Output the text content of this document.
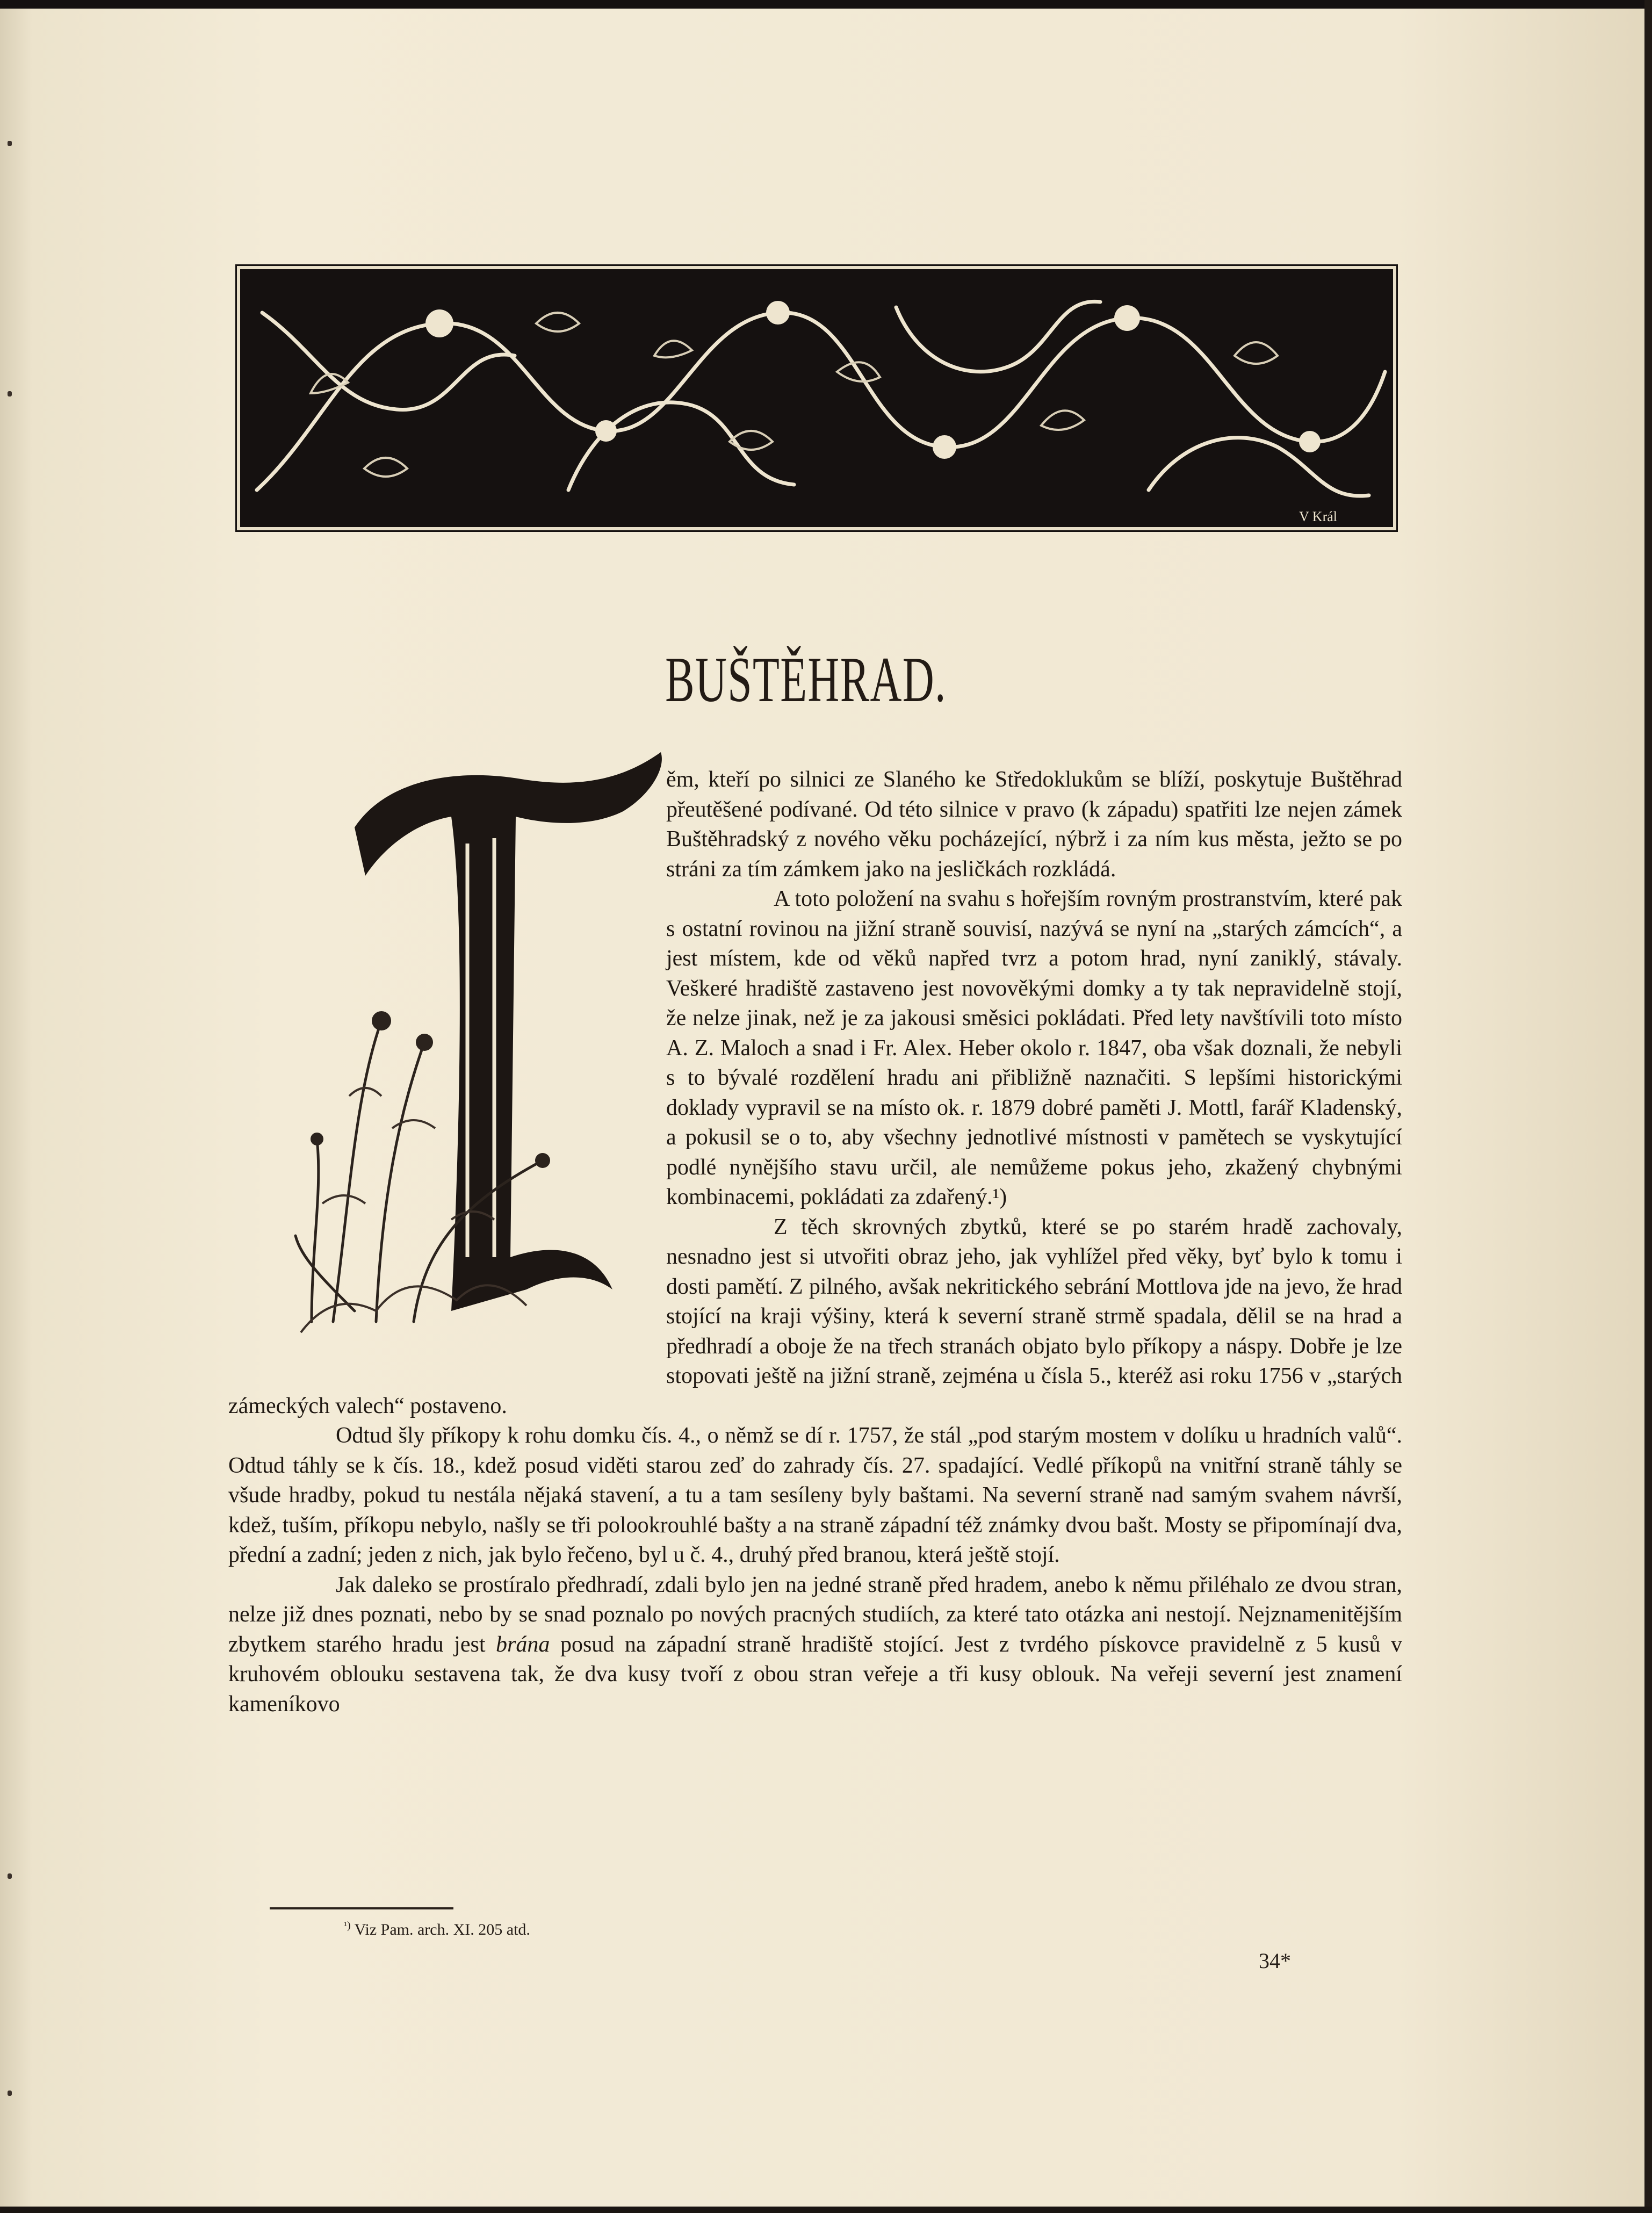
V Král
BUŠTĚHRAD.

ěm, kteří po silnici ze Slaného ke Středoklukům se blíží, poskytuje Buštěhrad přeutěšené podívané. Od této silnice v pravo (k západu) spatřiti lze nejen zámek Buštěhradský z nového věku pocházející, nýbrž i za ním kus města, ježto se po stráni za tím zámkem jako na jesličkách rozkládá.

A toto položení na svahu s hořejším rovným prostranstvím, které pak s ostatní rovinou na jižní straně souvisí, nazývá se nyní na „starých zámcích“, a jest místem, kde od věků napřed tvrz a potom hrad, nyní zaniklý, stávaly. Veškeré hradiště zastaveno jest novověkými domky a ty tak nepravidelně stojí, že nelze jinak, než je za jakousi směsici pokládati. Před lety navštívili toto místo A. Z. Maloch a snad i Fr. Alex. Heber okolo r. 1847, oba však doznali, že nebyli s to bývalé rozdělení hradu ani přibližně naznačiti. S lepšími historickými doklady vypravil se na místo ok. r. 1879 dobré paměti J. Mottl, farář Kladenský, a pokusil se o to, aby všechny jednotlivé místnosti v pamětech se vyskytující podlé nynějšího stavu určil, ale nemůžeme pokus jeho, zkažený chybnými kombinacemi, pokládati za zdařený.¹)

Z těch skrovných zbytků, které se po starém hradě zachovaly, nesnadno jest si utvořiti obraz jeho, jak vyhlížel před věky, byť bylo k tomu i dosti pamětí. Z pilného, avšak nekritického sebrání Mottlova jde na jevo, že hrad stojící na kraji výšiny, která k severní straně strmě spadala, dělil se na hrad a předhradí a oboje že na třech stranách objato bylo příkopy a náspy. Dobře je lze stopovati ještě na jižní straně, zejména u čísla 5., kteréž asi roku 1756 v „starých zámeckých valech“ postaveno.

Odtud šly příkopy k rohu domku čís. 4., o němž se dí r. 1757, že stál „pod starým mostem v dolíku u hradních valů“. Odtud táhly se k čís. 18., kdež posud viděti starou zeď do zahrady čís. 27. spadající. Vedlé příkopů na vnitřní straně táhly se všude hradby, pokud tu nestála nějaká stavení, a tu a tam sesíleny byly baštami. Na severní straně nad samým svahem návrší, kdež, tuším, příkopu nebylo, našly se tři polookrouhlé bašty a na straně západní též známky dvou bašt. Mosty se připomínají dva, přední a zadní; jeden z nich, jak bylo řečeno, byl u č. 4., druhý před branou, která ještě stojí.

Jak daleko se prostíralo předhradí, zdali bylo jen na jedné straně před hradem, anebo k němu přiléhalo ze dvou stran, nelze již dnes poznati, nebo by se snad poznalo po nových pracných studiích, za které tato otázka ani nestojí. Nejznamenitějším zbytkem starého hradu jest brána posud na západní straně hradiště stojící. Jest z tvrdého pískovce pravidelně z 5 kusů v kruhovém oblouku sestavena tak, že dva kusy tvoří z obou stran veřeje a tři kusy oblouk. Na veřeji severní jest znamení kameníkovo

$^{^1)}$ Viz Pam. arch. XI. 205 atd.
34*
